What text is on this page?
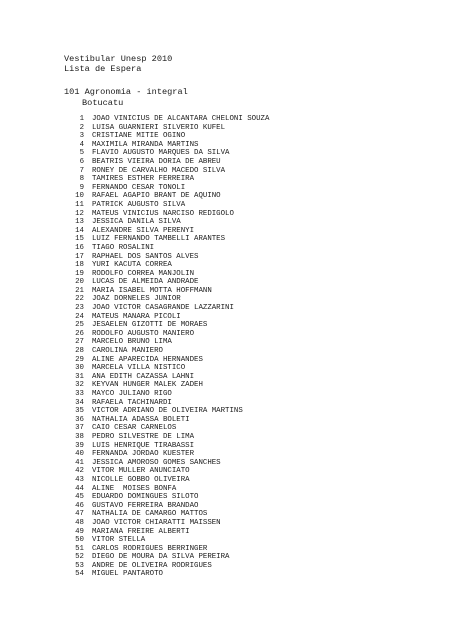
Vestibular Unesp 2010
Lista de Espera
101 Agronomia - integral
Botucatu
1 JOAO VINICIUS DE ALCANTARA CHELONI SOUZA
2 LUISA GUARNIERI SILVERIO KUFEL
3 CRISTIANE MITIE OGINO
4 MAXIMILA MIRANDA MARTINS
5 FLAVIO AUGUSTO MARQUES DA SILVA
6 BEATRIS VIEIRA DORIA DE ABREU
7 RONEY DE CARVALHO MACEDO SILVA
8 TAMIRES ESTHER FERREIRA
9 FERNANDO CESAR TONOLI
10 RAFAEL AGAPIO BRANT DE AQUINO
11 PATRICK AUGUSTO SILVA
12 MATEUS VINICIUS NARCISO REDIGOLO
13 JESSICA DANILA SILVA
14 ALEXANDRE SILVA PERENYI
15 LUIZ FERNANDO TAMBELLI ARANTES
16 TIAGO ROSALINI
17 RAPHAEL DOS SANTOS ALVES
18 YURI KACUTA CORREA
19 RODOLFO CORREA MANJOLIN
20 LUCAS DE ALMEIDA ANDRADE
21 MARIA ISABEL MOTTA HOFFMANN
22 JOAZ DORNELES JUNIOR
23 JOAO VICTOR CASAGRANDE LAZZARINI
24 MATEUS MANARA PICOLI
25 JESAELEN GIZOTTI DE MORAES
26 RODOLFO AUGUSTO MANIERO
27 MARCELO BRUNO LIMA
28 CAROLINA MANIERO
29 ALINE APARECIDA HERNANDES
30 MARCELA VILLA NISTICO
31 ANA EDITH CAZASSA LAHNI
32 KEYVAN HUNGER MALEK ZADEH
33 MAYCO JULIANO RIGO
34 RAFAELA TACHINARDI
35 VICTOR ADRIANO DE OLIVEIRA MARTINS
36 NATHALIA ADASSA BOLETI
37 CAIO CESAR CARNELOS
38 PEDRO SILVESTRE DE LIMA
39 LUIS HENRIQUE TIRABASSI
40 FERNANDA JORDAO KUESTER
41 JESSICA AMOROSO GOMES SANCHES
42 VITOR MULLER ANUNCIATO
43 NICOLLE GOBBO OLIVEIRA
44 ALINE  MOISES BONFA
45 EDUARDO DOMINGUES SILOTO
46 GUSTAVO FERREIRA BRANDAO
47 NATHALIA DE CAMARGO MATTOS
48 JOAO VICTOR CHIARATTI MAISSEN
49 MARIANA FREIRE ALBERTI
50 VITOR STELLA
51 CARLOS RODRIGUES BERRINGER
52 DIEGO DE MOURA DA SILVA PEREIRA
53 ANDRE DE OLIVEIRA RODRIGUES
54 MIGUEL PANTAROTO
